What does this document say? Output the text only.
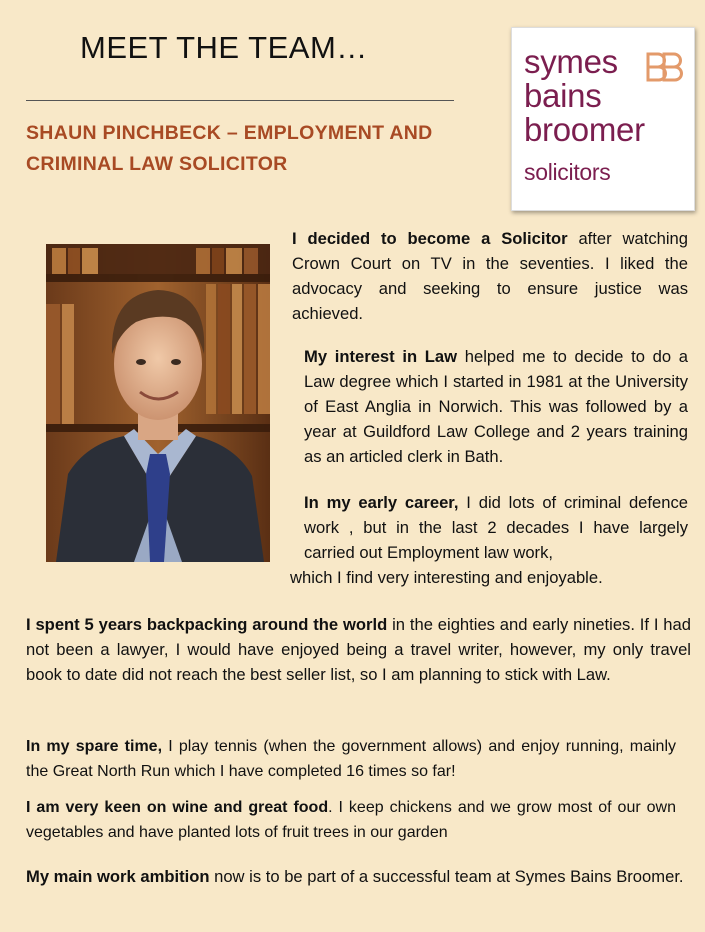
MEET THE TEAM…
SHAUN PINCHBECK – EMPLOYMENT AND CRIMINAL LAW SOLICITOR
symes
bains
broomer
solicitors
I decided to become a Solicitor after watching Crown Court on TV in the seventies. I liked the advocacy and seeking to ensure justice was achieved.
My interest in Law helped me to decide to do a Law degree which I started in 1981 at the University of East Anglia in Norwich. This was followed by a year at Guildford Law College and 2 years training as an articled clerk in Bath.
In my early career, I did lots of criminal defence work , but in the last 2 decades I have largely carried out Employment law work,
which I find very interesting and enjoyable.
I spent 5 years backpacking around the world in the eighties and early nineties. If I had not been a lawyer, I would have enjoyed being a travel writer, however, my only travel book to date did not reach the best seller list, so I am planning to stick with Law.
In my spare time, I play tennis (when the government allows) and enjoy running, mainly the Great North Run which I have completed 16 times so far!
I am very keen on wine and great food. I keep chickens and we grow most of our own vegetables and have planted lots of fruit trees in our garden
My main work ambition now is to be part of a successful team at Symes Bains Broomer.
